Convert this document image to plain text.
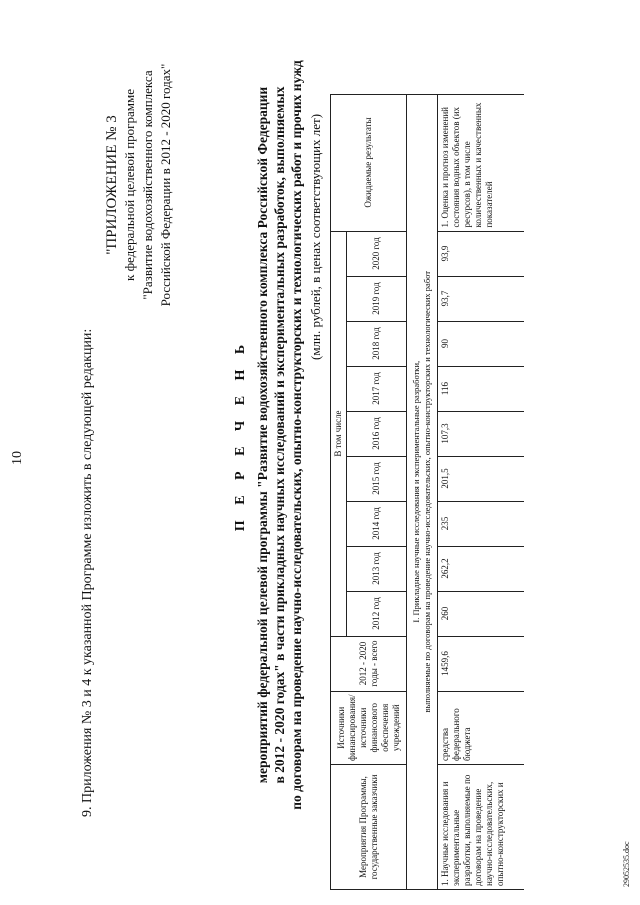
10	9. Приложения № 3 и 4 к указанной Программе изложить в следующей редакции:
"ПРИЛОЖЕНИЕ № 3 к федеральной целевой программе "Развитие водохозяйственного комплекса Российской Федерации в 2012 - 2020 годах"
П Е Р Е Ч Е Н Ь мероприятий федеральной целевой программы "Развитие водохозяйственного комплекса Российской Федерации в 2012 - 2020 годах" в части прикладных научных исследований и экспериментальных разработок, выполняемых по договорам на проведение научно-исследовательских, опытно-конструкторских и технологических работ и прочих нужд (млн. рублей, в ценах соответствующих лет)
Мероприятия Программы, государственные заказчики	Источники финансирования/ источники финансового обеспечения учреждений	2012 - 2020 годы - всего	В том числе									Ожидаемые результаты
			2012 год	2013 год	2014 год	2015 год	2016 год	2017 год	2018 год	2019 год	2020 год	

I. Прикладные научные исследования и экспериментальные разработки, выполняемые по договорам на проведение научно-исследовательских, опытно-конструкторских и технологических работ												

1. Научные исследования и экспериментальные разработки, выполняемые по договорам на проведение научно-исследовательских, опытно-конструкторских и	средства федерального бюджета	1459,6	260	262,2	235	201,5	107,3	116	90	93,7	93,9	1. Оценка и прогноз изменений состояния водных объектов (их ресурсов), в том числе количественных и качественных показателей
29052535.doc
